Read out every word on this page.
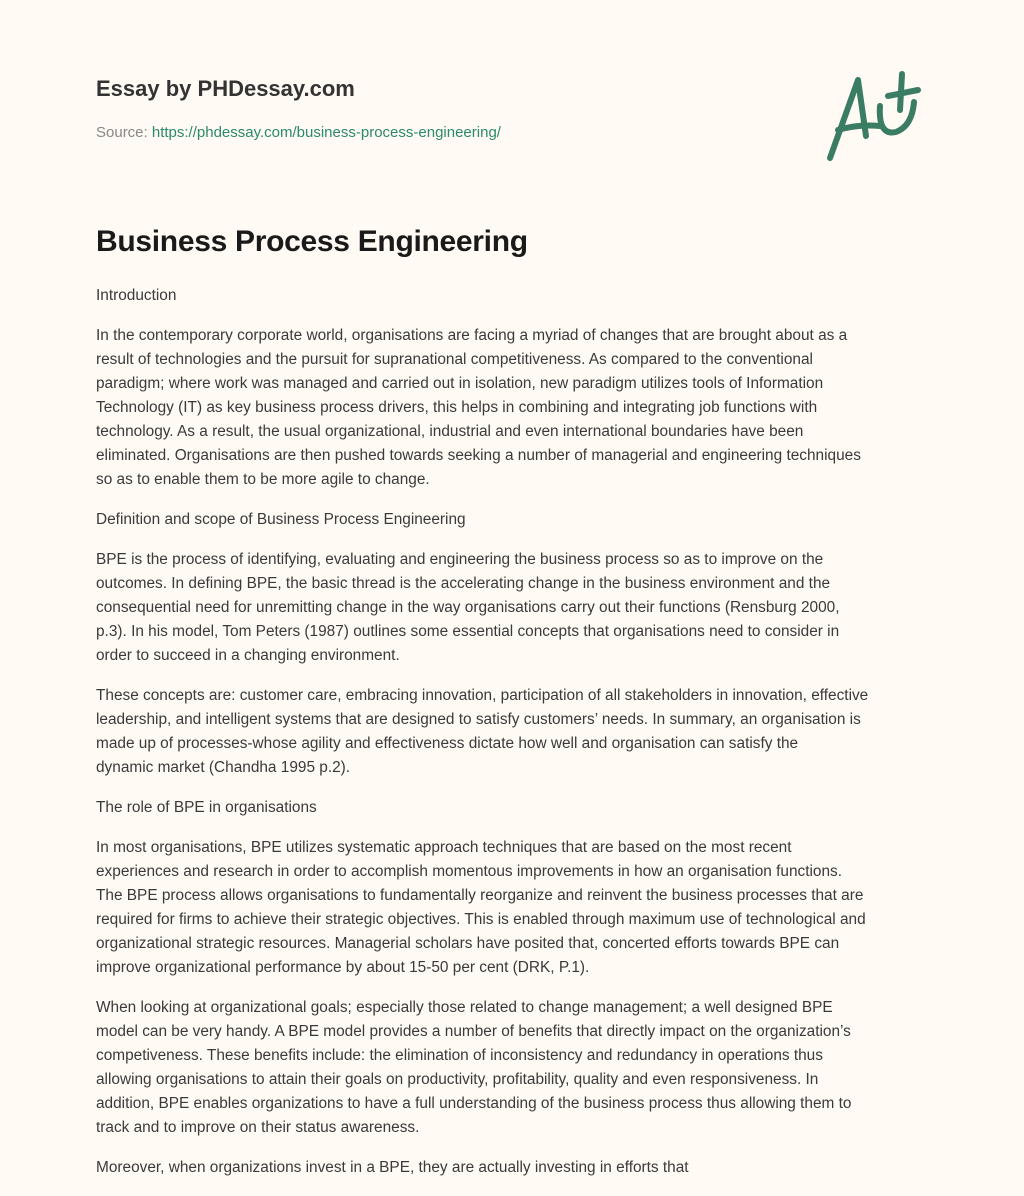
Essay by PHDessay.com
Source: https://phdessay.com/business-process-engineering/
Business Process Engineering

Introduction

In the contemporary corporate world, organisations are facing a myriad of changes that are brought about as a
result of technologies and the pursuit for supranational competitiveness. As compared to the conventional
paradigm; where work was managed and carried out in isolation, new paradigm utilizes tools of Information
Technology (IT) as key business process drivers, this helps in combining and integrating job functions with
technology. As a result, the usual organizational, industrial and even international boundaries have been
eliminated. Organisations are then pushed towards seeking a number of managerial and engineering techniques
so as to enable them to be more agile to change.

Definition and scope of Business Process Engineering

BPE is the process of identifying, evaluating and engineering the business process so as to improve on the
outcomes. In defining BPE, the basic thread is the accelerating change in the business environment and the
consequential need for unremitting change in the way organisations carry out their functions (Rensburg 2000,
p.3). In his model, Tom Peters (1987) outlines some essential concepts that organisations need to consider in
order to succeed in a changing environment.

These concepts are: customer care, embracing innovation, participation of all stakeholders in innovation, effective
leadership, and intelligent systems that are designed to satisfy customers’ needs. In summary, an organisation is
made up of processes-whose agility and effectiveness dictate how well and organisation can satisfy the
dynamic market (Chandha 1995 p.2).

The role of BPE in organisations

In most organisations, BPE utilizes systematic approach techniques that are based on the most recent
experiences and research in order to accomplish momentous improvements in how an organisation functions.
The BPE process allows organisations to fundamentally reorganize and reinvent the business processes that are
required for firms to achieve their strategic objectives. This is enabled through maximum use of technological and
organizational strategic resources. Managerial scholars have posited that, concerted efforts towards BPE can
improve organizational performance by about 15-50 per cent (DRK, P.1).

When looking at organizational goals; especially those related to change management; a well designed BPE
model can be very handy. A BPE model provides a number of benefits that directly impact on the organization’s
competiveness. These benefits include: the elimination of inconsistency and redundancy in operations thus
allowing organisations to attain their goals on productivity, profitability, quality and even responsiveness. In
addition, BPE enables organizations to have a full understanding of the business process thus allowing them to
track and to improve on their status awareness.

Moreover, when organizations invest in a BPE, they are actually investing in efforts that
